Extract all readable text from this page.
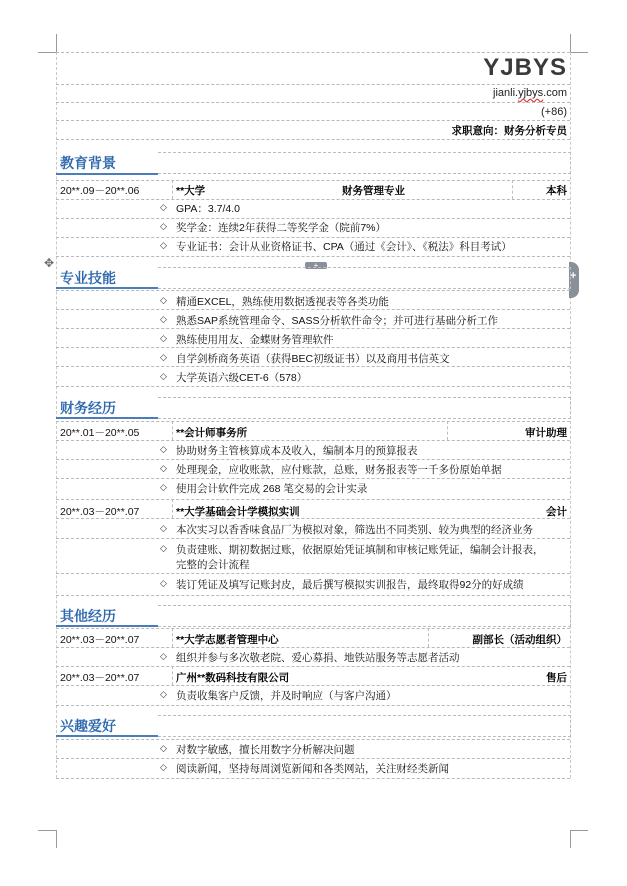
YJBYS
jianli.yjbys.com
(+86)
求职意向：财务分析专员
教育背景
20**.09－20**.06	**大学	财务管理专业	本科
◇ GPA：3.7/4.0
◇ 奖学金：连续2年获得二等奖学金（院前7%）
◇ 专业证书：会计从业资格证书、CPA（通过《会计》、《税法》科目考试）
✥	+
+
专业技能
◇ 精通EXCEL，熟练使用数据透视表等各类功能
◇ 熟悉SAP系统管理命令、SASS分析软件命令；并可进行基础分析工作
◇ 熟练使用用友、金蝶财务管理软件
◇ 自学剑桥商务英语（获得BEC初级证书）以及商用书信英文
◇ 大学英语六级CET-6（578）
财务经历
20**.01－20**.05	**会计师事务所	审计助理
◇ 协助财务主管核算成本及收入，编制本月的预算报表
◇ 处理现金，应收账款，应付账款，总账，财务报表等一千多份原始单据
◇ 使用会计软件完成 268 笔交易的会计实录
20**.03－20**.07	**大学基础会计学模拟实训	会计
◇ 本次实习以香香味食品厂为模拟对象，筛选出不同类别、较为典型的经济业务
◇ 负责建账、期初数据过账，依据原始凭证填制和审核记账凭证，编制会计报表，
完整的会计流程
◇ 装订凭证及填写记账封皮，最后撰写模拟实训报告，最终取得92分的好成绩
其他经历
20**.03－20**.07	**大学志愿者管理中心	副部长（活动组织）
◇ 组织并参与多次敬老院、爱心募捐、地铁站服务等志愿者活动
20**.03－20**.07	广州**数码科技有限公司	售后
◇ 负责收集客户反馈，并及时响应（与客户沟通）
兴趣爱好
◇ 对数字敏感，擅长用数字分析解决问题
◇ 阅读新闻，坚持每周浏览新闻和各类网站，关注财经类新闻
